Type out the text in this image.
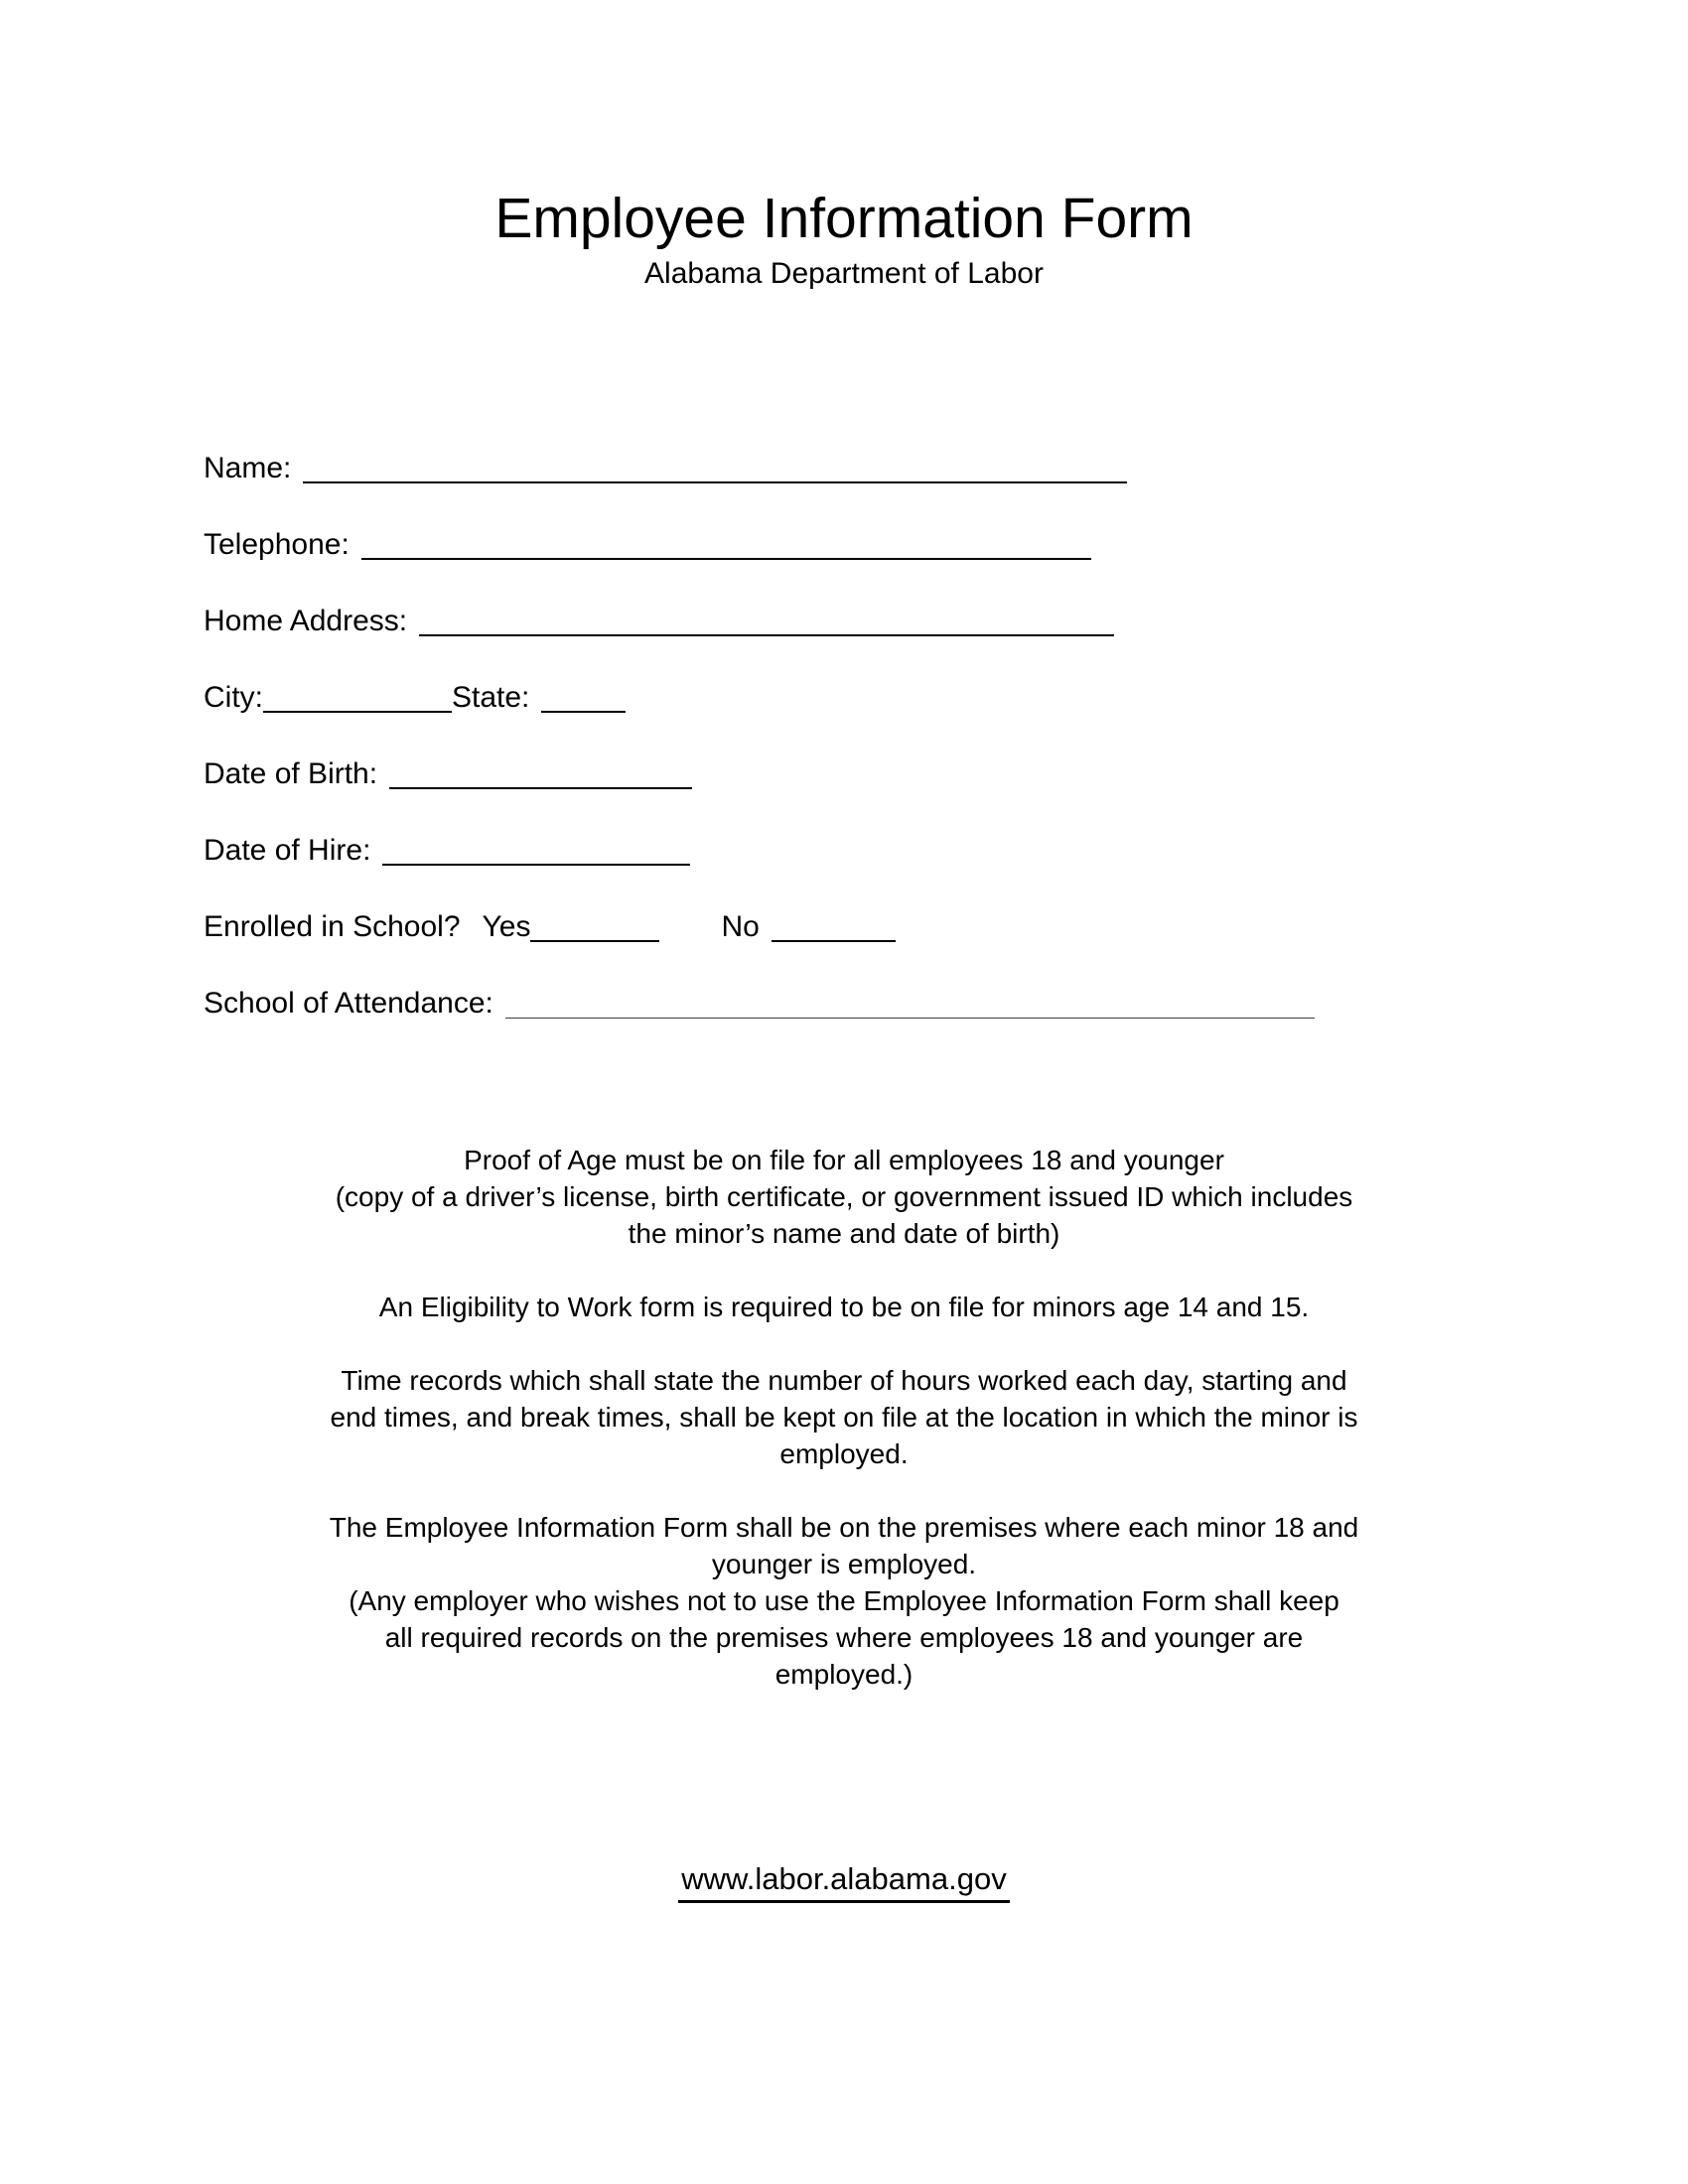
Employee Information Form
Alabama Department of Labor
Name:
Telephone:
Home Address:
City:	State:
Date of Birth:
Date of Hire:
Enrolled in School? Yes	No
School of Attendance:
Proof of Age must be on file for all employees 18 and younger
(copy of a driver’s license, birth certificate, or government issued ID which includes
the minor’s name and date of birth)
An Eligibility to Work form is required to be on file for minors age 14 and 15.
Time records which shall state the number of hours worked each day, starting and
end times, and break times, shall be kept on file at the location in which the minor is
employed.
The Employee Information Form shall be on the premises where each minor 18 and
younger is employed.
(Any employer who wishes not to use the Employee Information Form shall keep
all required records on the premises where employees 18 and younger are
employed.)
www.labor.alabama.gov
